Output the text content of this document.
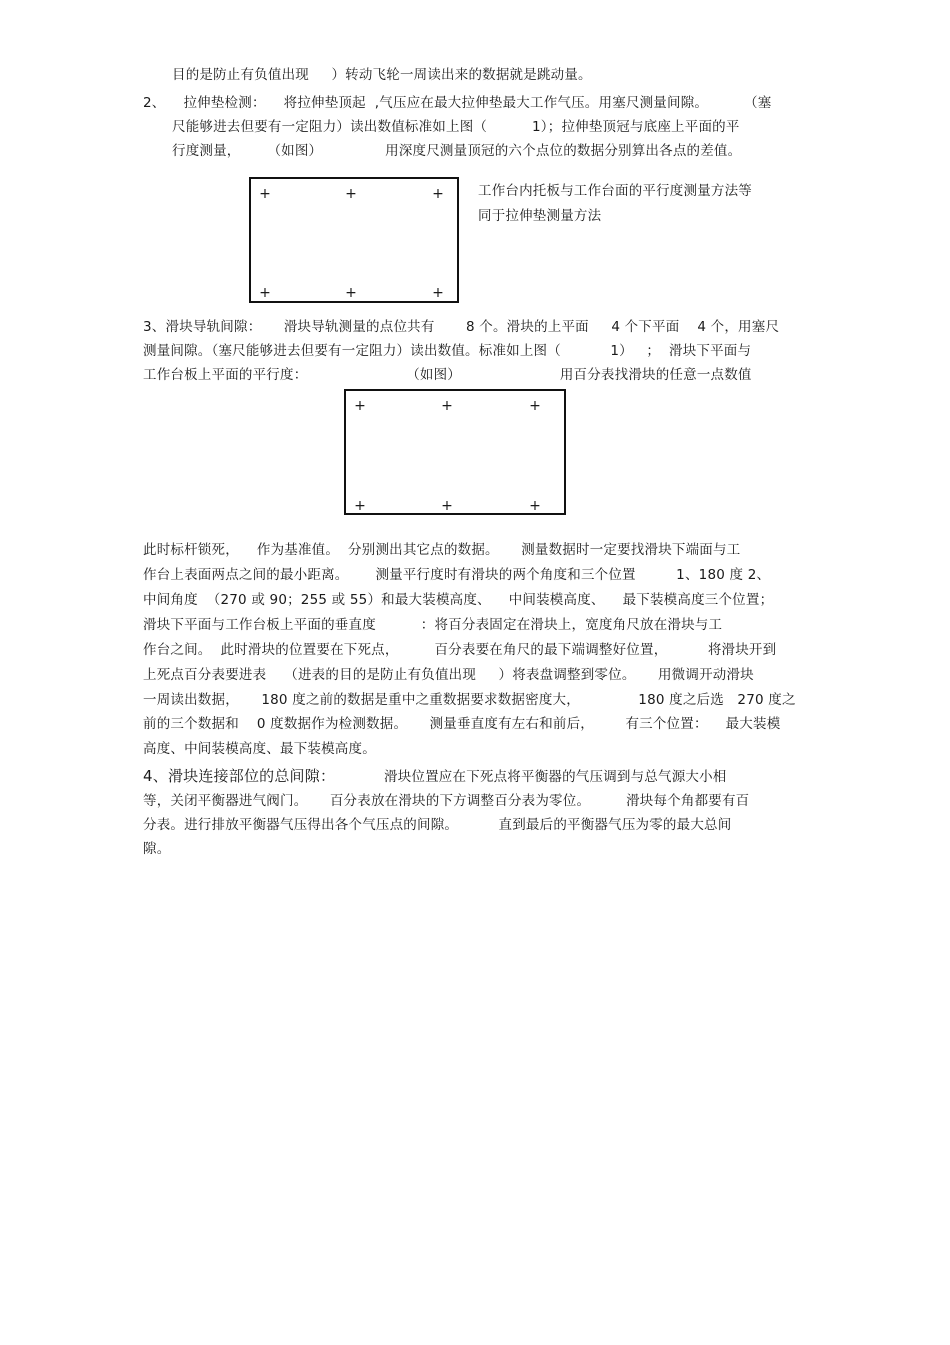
目的是防止有负值出现     ）转动飞轮一周读出来的数据就是跳动量。
2、    拉伸垫检测：    将拉伸垫顶起  ,气压应在最大拉伸垫最大工作气压。用塞尺测量间隙。        （塞
尺能够进去但要有一定阻力）读出数值标准如上图（          1）；拉伸垫顶冠与底座上平面的平
行度测量，      （如图）              用深度尺测量顶冠的六个点位的数据分别算出各点的差值。
+	+	+
+	+	+
工作台内托板与工作台面的平行度测量方法等
同于拉伸垫测量方法
3、滑块导轨间隙：     滑块导轨测量的点位共有       8 个。滑块的上平面     4 个下平面    4 个，用塞尺
测量间隙。（塞尺能够进去但要有一定阻力）读出数值。标准如上图（           1）   ；  滑块下平面与
工作台板上平面的平行度：                      （如图）                      用百分表找滑块的任意一点数值
+	+	+
+	+	+
此时标杆锁死，    作为基准值。  分别测出其它点的数据。     测量数据时一定要找滑块下端面与工
作台上表面两点之间的最小距离。      测量平行度时有滑块的两个角度和三个位置         1、180 度 2、
中间角度  （270 或 90；255 或 55）和最大装模高度、    中间装模高度、    最下装模高度三个位置；
滑块下平面与工作台板上平面的垂直度          ：将百分表固定在滑块上，宽度角尺放在滑块与工
作台之间。  此时滑块的位置要在下死点，        百分表要在角尺的最下端调整好位置，         将滑块开到
上死点百分表要进表    （进表的目的是防止有负值出现     ）将表盘调整到零位。     用微调开动滑块
一周读出数据，     180 度之前的数据是重中之重数据要求数据密度大，             180 度之后选   270 度之
前的三个数据和    0 度数据作为检测数据。     测量垂直度有左右和前后，       有三个位置：    最大装模
高度、中间装模高度、最下装模高度。
4、滑块连接部位的总间隙：	滑块位置应在下死点将平衡器的气压调到与总气源大小相
等，关闭平衡器进气阀门。     百分表放在滑块的下方调整百分表为零位。        滑块每个角都要有百
分表。进行排放平衡器气压得出各个气压点的间隙。         直到最后的平衡器气压为零的最大总间
隙。
